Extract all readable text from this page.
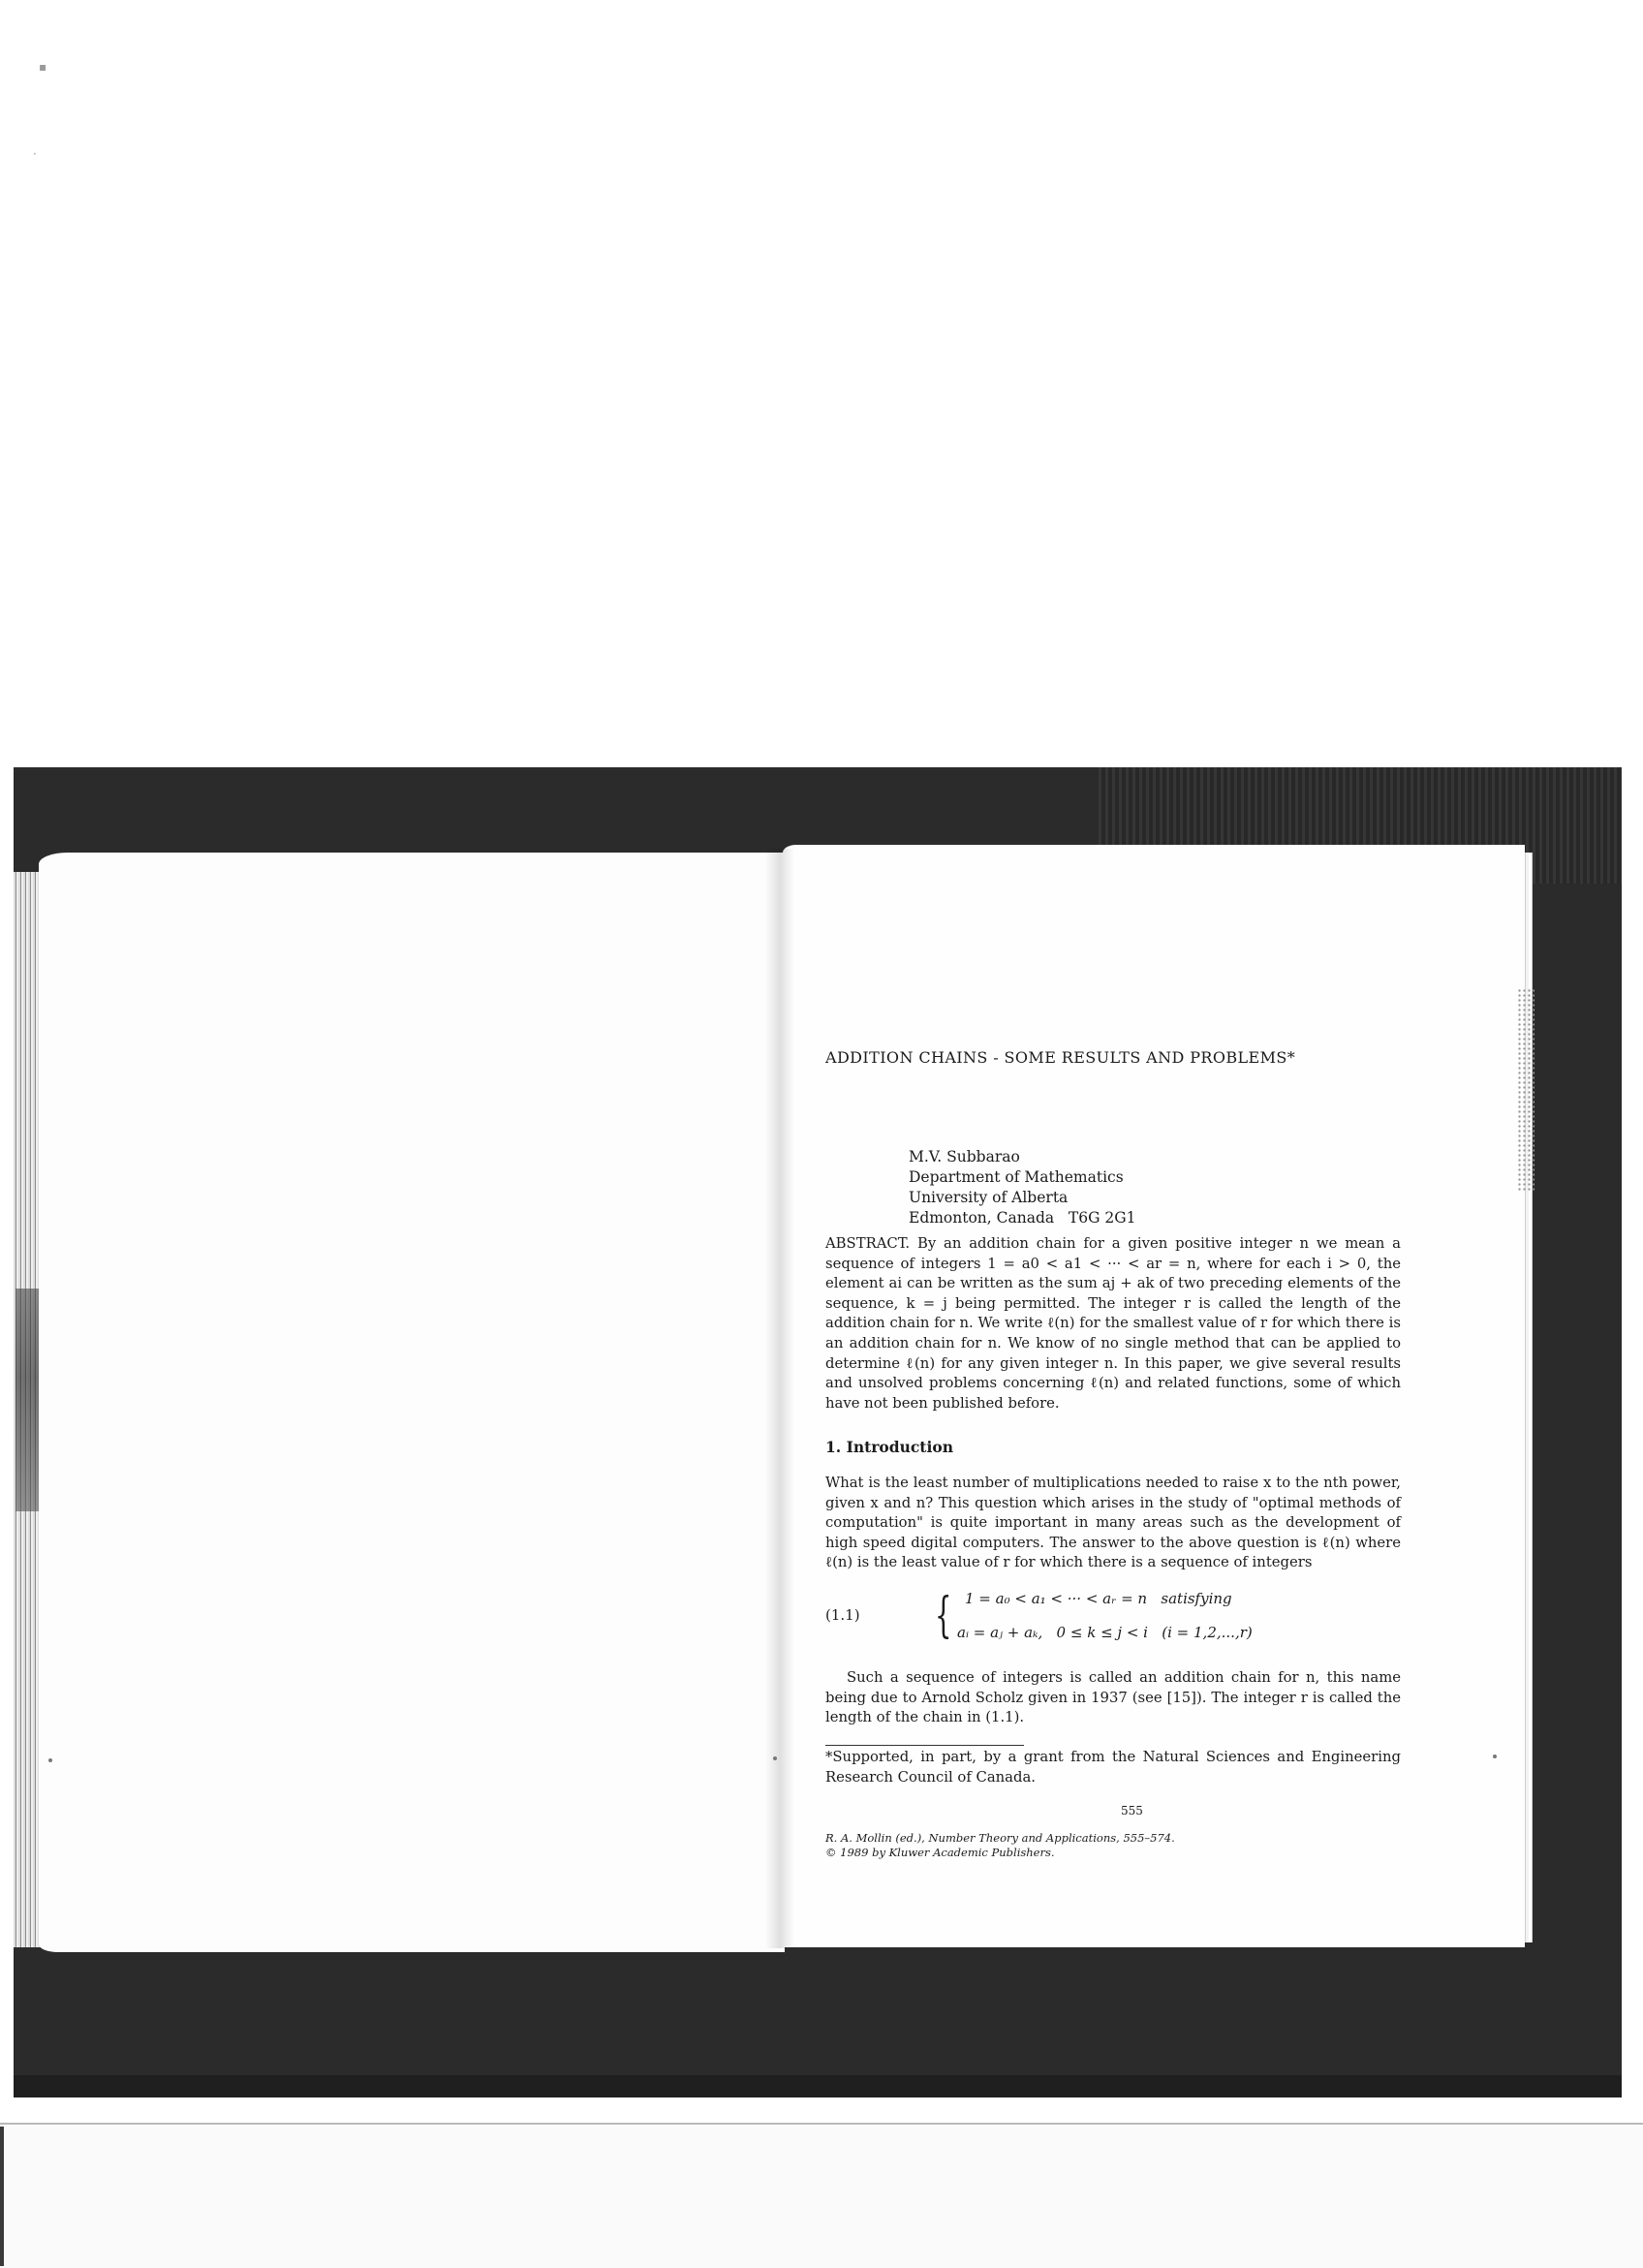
▪
·
ADDITION CHAINS - SOME RESULTS AND PROBLEMS*
M.V. Subbarao
Department of Mathematics
University of Alberta
Edmonton, Canada   T6G 2G1
ABSTRACT. By an addition chain for a given positive integer n we mean a sequence of integers 1 = a0 < a1 < ··· < ar = n, where for each i > 0, the element ai can be written as the sum aj + ak of two preceding elements of the sequence, k = j being permitted. The integer r is called the length of the addition chain for n. We write ℓ(n) for the smallest value of r for which there is an addition chain for n. We know of no single method that can be applied to determine ℓ(n) for any given integer n. In this paper, we give several results and unsolved problems concerning ℓ(n) and related functions, some of which have not been published before.
1. Introduction
What is the least number of multiplications needed to raise x to the nth power, given x and n? This question which arises in the study of "optimal methods of computation" is quite important in many areas such as the development of high speed digital computers. The answer to the above question is ℓ(n) where ℓ(n) is the least value of r for which there is a sequence of integers
(1.1) { 1 = a₀ < a₁ < ··· < aᵣ = n   satisfying
aᵢ = aⱼ + aₖ,   0 ≤ k ≤ j < i   (i = 1,2,...,r)
Such a sequence of integers is called an addition chain for n, this name being due to Arnold Scholz given in 1937 (see [15]). The integer r is called the length of the chain in (1.1).
*Supported, in part, by a grant from the Natural Sciences and Engineering Research Council of Canada.
555
R. A. Mollin (ed.), Number Theory and Applications, 555–574.
© 1989 by Kluwer Academic Publishers.
